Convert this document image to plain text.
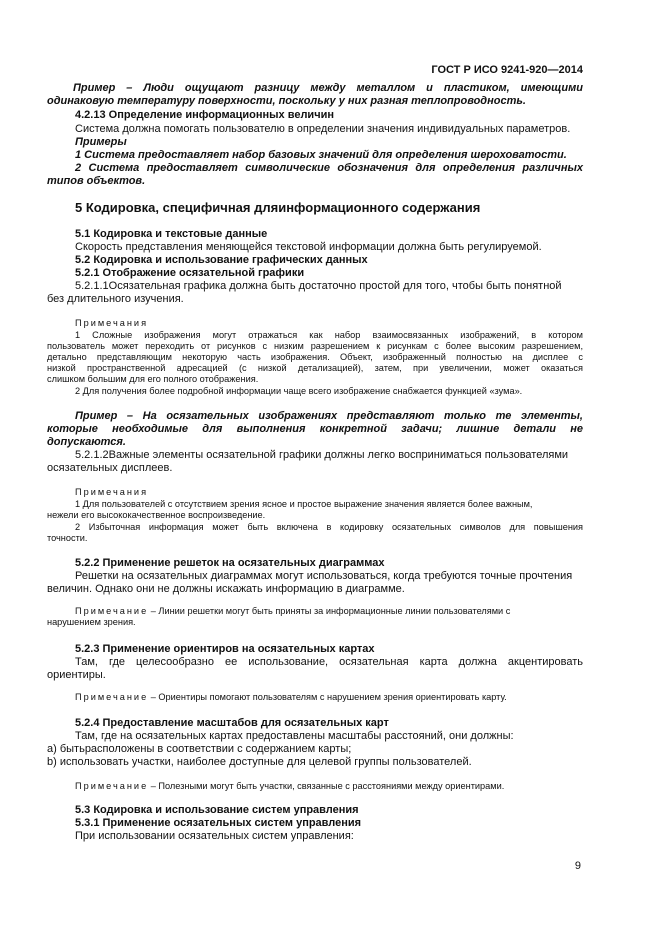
ГОСТ Р ИСО 9241-920—2014

Пример – Люди ощущают разницу между металлом и пластиком, имеющими

одинаковую температуру поверхности, поскольку у них разная теплопроводность.

4.2.13 Определение информационных величин

Система должна помогать пользователю в определении значения индивидуальных параметров.

Примеры

1 Система предоставляет набор базовых значений для определения шероховатости.

2 Система предоставляет символические обозначения для определения различных

типов объектов.

5 Кодировка, специфичная дляинформационного содержания

5.1 Кодировка и текстовые данные

Скорость представления меняющейся текстовой информации должна быть регулируемой.

5.2 Кодировка и использование графических данных

5.2.1 Отображение осязательной графики

5.2.1.1Осязательная графика должна быть достаточно простой для того, чтобы быть понятной

без длительного изучения.

Примечания

1 Сложные изображения могут отражаться как набор взаимосвязанных изображений, в котором

пользователь может переходить от рисунков с низким разрешением к рисункам с более высоким разрешением,

детально представляющим некоторую часть изображения. Объект, изображенный полностью на дисплее с

низкой пространственной адресацией (с низкой детализацией), затем, при увеличении, может оказаться

слишком большим для его полного отображения.

2 Для получения более подробной информации чаще всего изображение снабжается функцией «зума».

Пример – На осязательных изображениях представляют только те элементы,

которые необходимые для выполнения конкретной задачи; лишние детали не

допускаются.

5.2.1.2Важные элементы осязательной графики должны легко восприниматься пользователями

осязательных дисплеев.

Примечания

1 Для пользователей с отсутствием зрения ясное и простое выражение значения является более важным,

нежели его высококачественное воспроизведение.

2 Избыточная информация может быть включена в кодировку осязательных символов для повышения

точности.

5.2.2 Применение решеток на осязательных диаграммах

Решетки на осязательных диаграммах могут использоваться, когда требуются точные прочтения

величин. Однако они не должны искажать информацию в диаграмме.

Примечание – Линии решетки могут быть приняты за информационные линии пользователями с

нарушением зрения.

5.2.3 Применение ориентиров на осязательных картах

Там, где целесообразно ее использование, осязательная карта должна акцентировать

ориентиры.

Примечание – Ориентиры помогают пользователям с нарушением зрения ориентировать карту.

5.2.4 Предоставление масштабов для осязательных карт

Там, где на осязательных картах предоставлены масштабы расстояний, они должны:

а) бытьрасположены в соответствии с содержанием карты;

b) использовать участки, наиболее доступные для целевой группы пользователей.

Примечание – Полезными могут быть участки, связанные с расстояниями между ориентирами.

5.3 Кодировка и использование систем управления

5.3.1 Применение осязательных систем управления

При использовании осязательных систем управления:

9
